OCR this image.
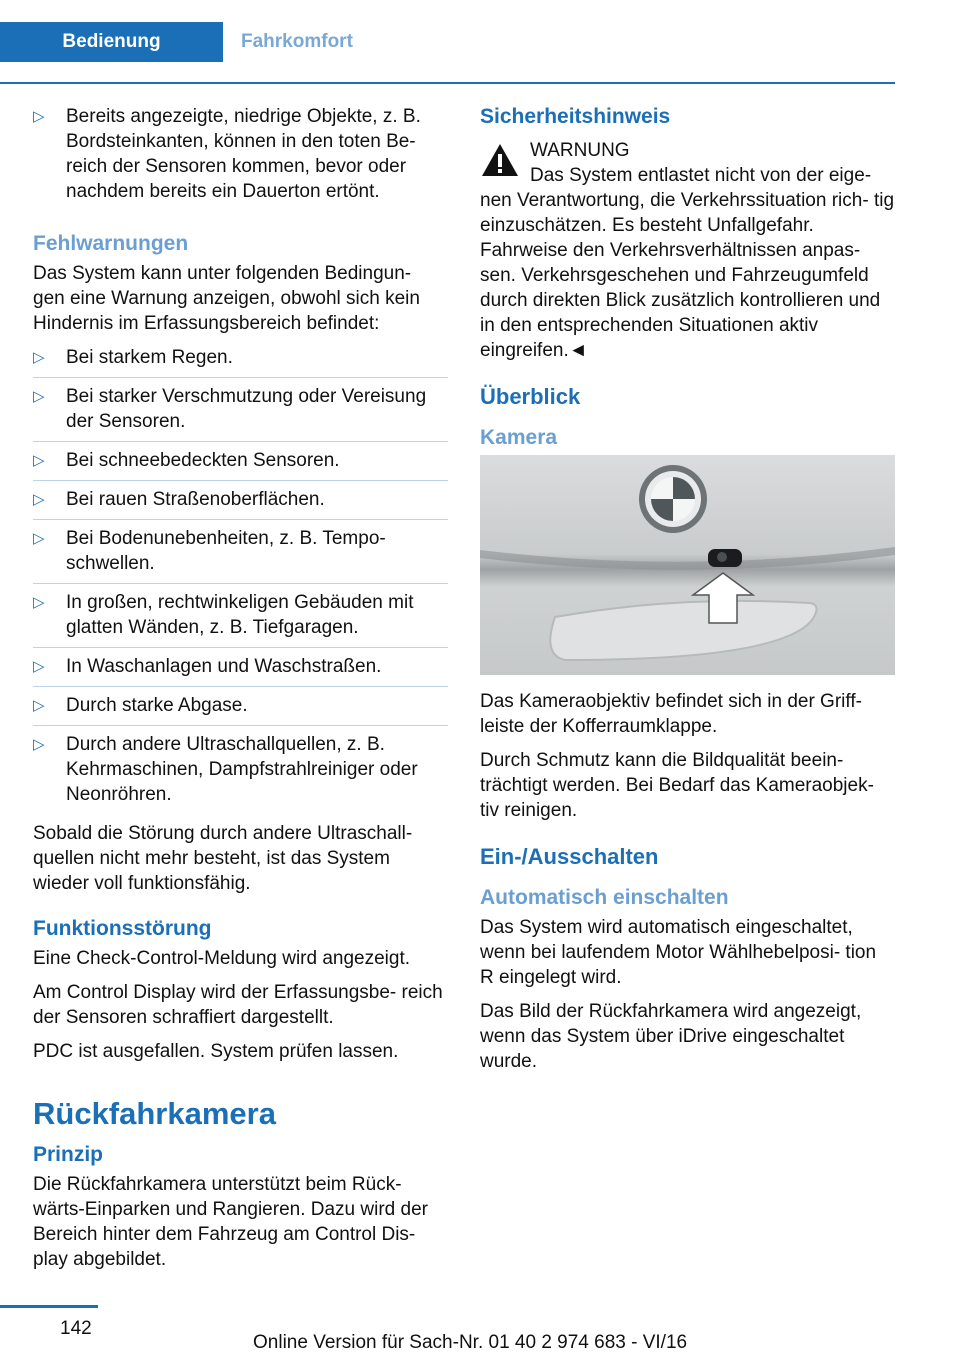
Bedienung	Fahrkomfort
▷ Bereits angezeigte, niedrige Objekte, z. B. Bordsteinkanten, können in den toten Be‐ reich der Sensoren kommen, bevor oder nachdem bereits ein Dauerton ertönt.
Fehlwarnungen

Das System kann unter folgenden Bedingun‐ gen eine Warnung anzeigen, obwohl sich kein Hindernis im Erfassungsbereich befindet:

▷ Bei starkem Regen.
▷ Bei starker Verschmutzung oder Vereisung der Sensoren.
▷ Bei schneebedeckten Sensoren.
▷ Bei rauen Straßenoberflächen.
▷ Bei Bodenunebenheiten, z. B. Tempo‐ schwellen.
▷ In großen, rechtwinkeligen Gebäuden mit glatten Wänden, z. B. Tiefgaragen.
▷ In Waschanlagen und Waschstraßen.
▷ Durch starke Abgase.
▷ Durch andere Ultraschallquellen, z. B. Kehrmaschinen, Dampfstrahlreiniger oder Neonröhren.

Sobald die Störung durch andere Ultraschall‐ quellen nicht mehr besteht, ist das System wieder voll funktionsfähig.

Funktionsstörung

Eine Check-Control-Meldung wird angezeigt.

Am Control Display wird der Erfassungsbe‐ reich der Sensoren schraffiert dargestellt.

PDC ist ausgefallen. System prüfen lassen.

Rückfahrkamera
Prinzip

Die Rückfahrkamera unterstützt beim Rück‐ wärts-Einparken und Rangieren. Dazu wird der Bereich hinter dem Fahrzeug am Control Dis‐ play abgebildet.

Sicherheitshinweis
WARNUNG

Das System entlastet nicht von der eige‐ nen Verantwortung, die Verkehrssituation rich‐ tig einzuschätzen. Es besteht Unfallgefahr. Fahrweise den Verkehrsverhältnissen anpas‐ sen. Verkehrsgeschehen und Fahrzeugumfeld durch direkten Blick zusätzlich kontrollieren und in den entsprechenden Situationen aktiv eingreifen.◄

Überblick
Kamera

Das Kameraobjektiv befindet sich in der Griff‐ leiste der Kofferraumklappe.

Durch Schmutz kann die Bildqualität beein‐ trächtigt werden. Bei Bedarf das Kameraobjek‐ tiv reinigen.

Ein-/Ausschalten
Automatisch einschalten

Das System wird automatisch eingeschaltet, wenn bei laufendem Motor Wählhebelposi‐ tion R eingelegt wird.

Das Bild der Rückfahrkamera wird angezeigt, wenn das System über iDrive eingeschaltet wurde.

142
Online Version für Sach-Nr. 01 40 2 974 683 - VI/16
